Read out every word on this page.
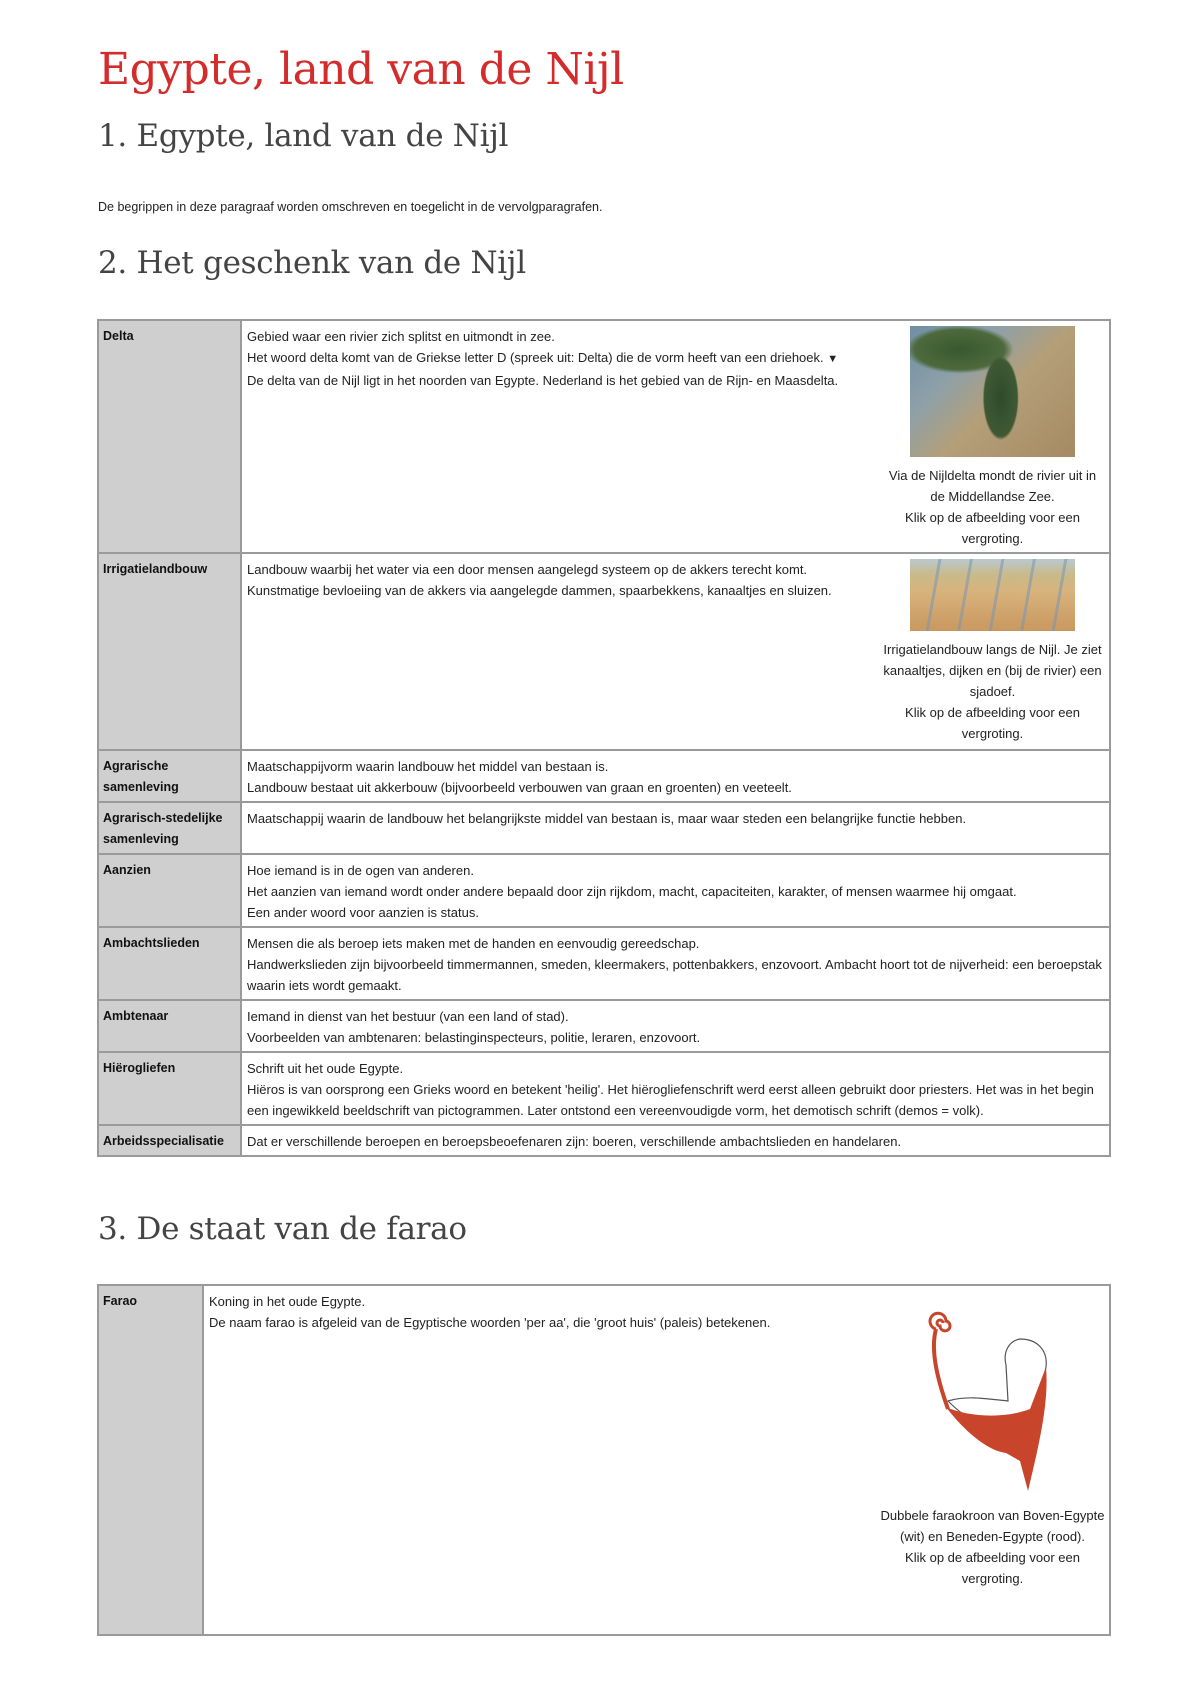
Egypte, land van de Nijl
1. Egypte, land van de Nijl

De begrippen in deze paragraaf worden omschreven en toegelicht in de vervolgparagrafen.

2. Het geschenk van de Nijl
Delta	Gebied waar een rivier zich splitst en uitmondt in zee.
Het woord delta komt van de Griekse letter D (spreek uit: Delta) die de vorm heeft van een driehoek. ▼
De delta van de Nijl ligt in het noorden van Egypte. Nederland is het gebied van de Rijn- en Maasdelta.
Via de Nijldelta mondt de rivier uit in de Middellandse Zee.
Klik op de afbeelding voor een vergroting.

Irrigatielandbouw	Landbouw waarbij het water via een door mensen aangelegd systeem op de akkers terecht komt.
Kunstmatige bevloeiing van de akkers via aangelegde dammen, spaarbekkens, kanaaltjes en sluizen.
Irrigatielandbouw langs de Nijl. Je ziet kanaaltjes, dijken en (bij de rivier) een sjadoef.
Klik op de afbeelding voor een vergroting.

Agrarische samenleving	Maatschappijvorm waarin landbouw het middel van bestaan is.
Landbouw bestaat uit akkerbouw (bijvoorbeeld verbouwen van graan en groenten) en veeteelt.

Agrarisch-stedelijke samenleving	Maatschappij waarin de landbouw het belangrijkste middel van bestaan is, maar waar steden een belangrijke functie hebben.

Aanzien	Hoe iemand is in de ogen van anderen.
Het aanzien van iemand wordt onder andere bepaald door zijn rijkdom, macht, capaciteiten, karakter, of mensen waarmee hij omgaat.
Een ander woord voor aanzien is status.

Ambachtslieden	Mensen die als beroep iets maken met de handen en eenvoudig gereedschap.
Handwerkslieden zijn bijvoorbeeld timmermannen, smeden, kleermakers, pottenbakkers, enzovoort. Ambacht hoort tot de nijverheid: een beroepstak waarin iets wordt gemaakt.

Ambtenaar	Iemand in dienst van het bestuur (van een land of stad).
Voorbeelden van ambtenaren: belastinginspecteurs, politie, leraren, enzovoort.

Hiërogliefen	Schrift uit het oude Egypte.
Hiëros is van oorsprong een Grieks woord en betekent 'heilig'. Het hiërogliefenschrift werd eerst alleen gebruikt door priesters. Het was in het begin een ingewikkeld beeldschrift van pictogrammen. Later ontstond een vereenvoudigde vorm, het demotisch schrift (demos = volk).

Arbeidsspecialisatie	Dat er verschillende beroepen en beroepsbeoefenaren zijn: boeren, verschillende ambachtslieden en handelaren.
3. De staat van de farao
Farao	Koning in het oude Egypte.
De naam farao is afgeleid van de Egyptische woorden 'per aa', die 'groot huis' (paleis) betekenen.
Dubbele faraokroon van Boven-Egypte (wit) en Beneden-Egypte (rood).
Klik op de afbeelding voor een vergroting.
